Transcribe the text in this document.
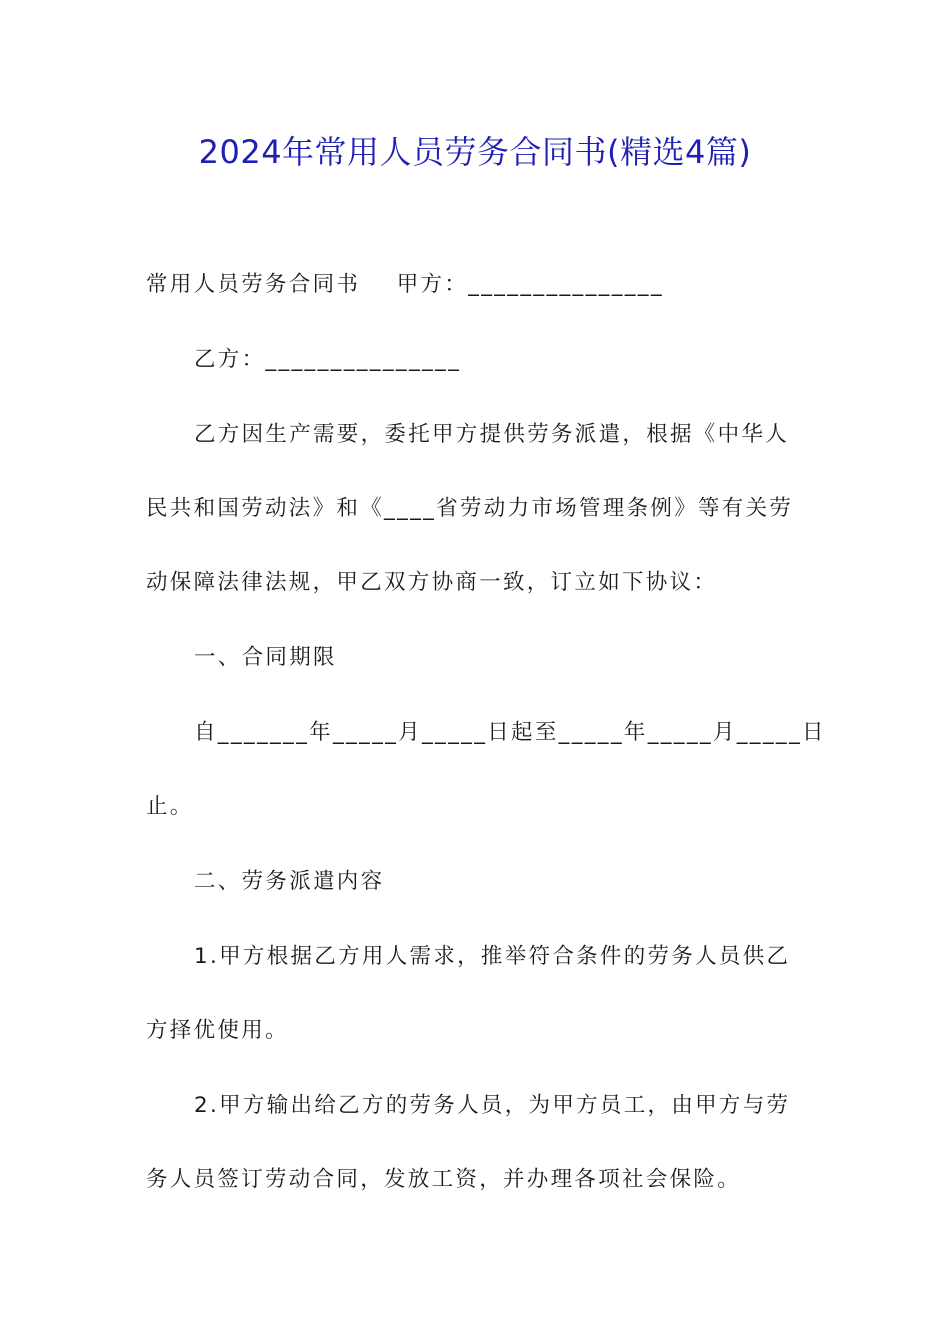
2024年常用人员劳务合同书(精选4篇)
常用人员劳务合同书    甲方：_______________
乙方：_______________
乙方因生产需要，委托甲方提供劳务派遣，根据《中华人
民共和国劳动法》和《____省劳动力市场管理条例》等有关劳
动保障法律法规，甲乙双方协商一致，订立如下协议：
一、合同期限
自_______年_____月_____日起至_____年_____月_____日
止。
二、劳务派遣内容
1.甲方根据乙方用人需求，推举符合条件的劳务人员供乙
方择优使用。
2.甲方输出给乙方的劳务人员，为甲方员工，由甲方与劳
务人员签订劳动合同，发放工资，并办理各项社会保险。
